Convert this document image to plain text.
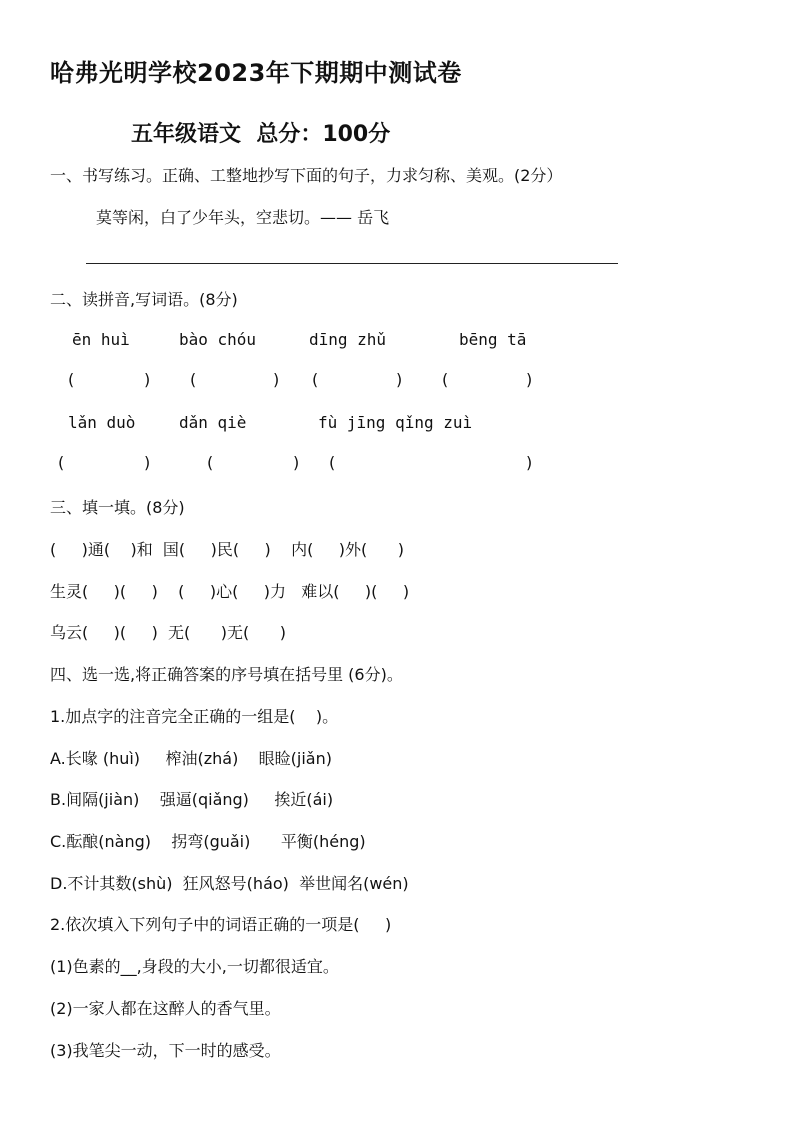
哈弗光明学校2023年下期期中测试卷
五年级语文  总分：100分
一、书写练习。正确、工整地抄写下面的句子，力求匀称、美观。(2分）
莫等闲，白了少年头，空悲切。—— 岳飞
二、读拼音,写词语。(8分)
ēn huì	bào chóu	dīng zhǔ	bēng tā
(	) (	) (	) (	)
lǎn duò	dǎn qiè	fù jīng qǐng zuì
(	)	(	) (	)
三、填一填。(8分)
(     )通(    )和  国(     )民(     )    内(     )外(      )
生灵(     )(     )    (     )心(     )力   难以(     )(     )
乌云(     )(     )  无(      )无(      )
四、选一选,将正确答案的序号填在括号里 (6分)。
1.加点字的注音完全正确的一组是(    )。
A.长喙 (huì)     榨油(zhá)    眼睑(jiǎn)
B.间隔(jiàn)    强逼(qiǎng)     挨近(ái)
C.酝酿(nàng)    拐弯(guǎi)      平衡(héng)
D.不计其数(shù)  狂风怒号(háo)  举世闻名(wén)
2.依次填入下列句子中的词语正确的一项是(     )
(1)色素的__,身段的大小,一切都很适宜。
(2)一家人都在这醉人的香气里。
(3)我笔尖一动，下一时的感受。
